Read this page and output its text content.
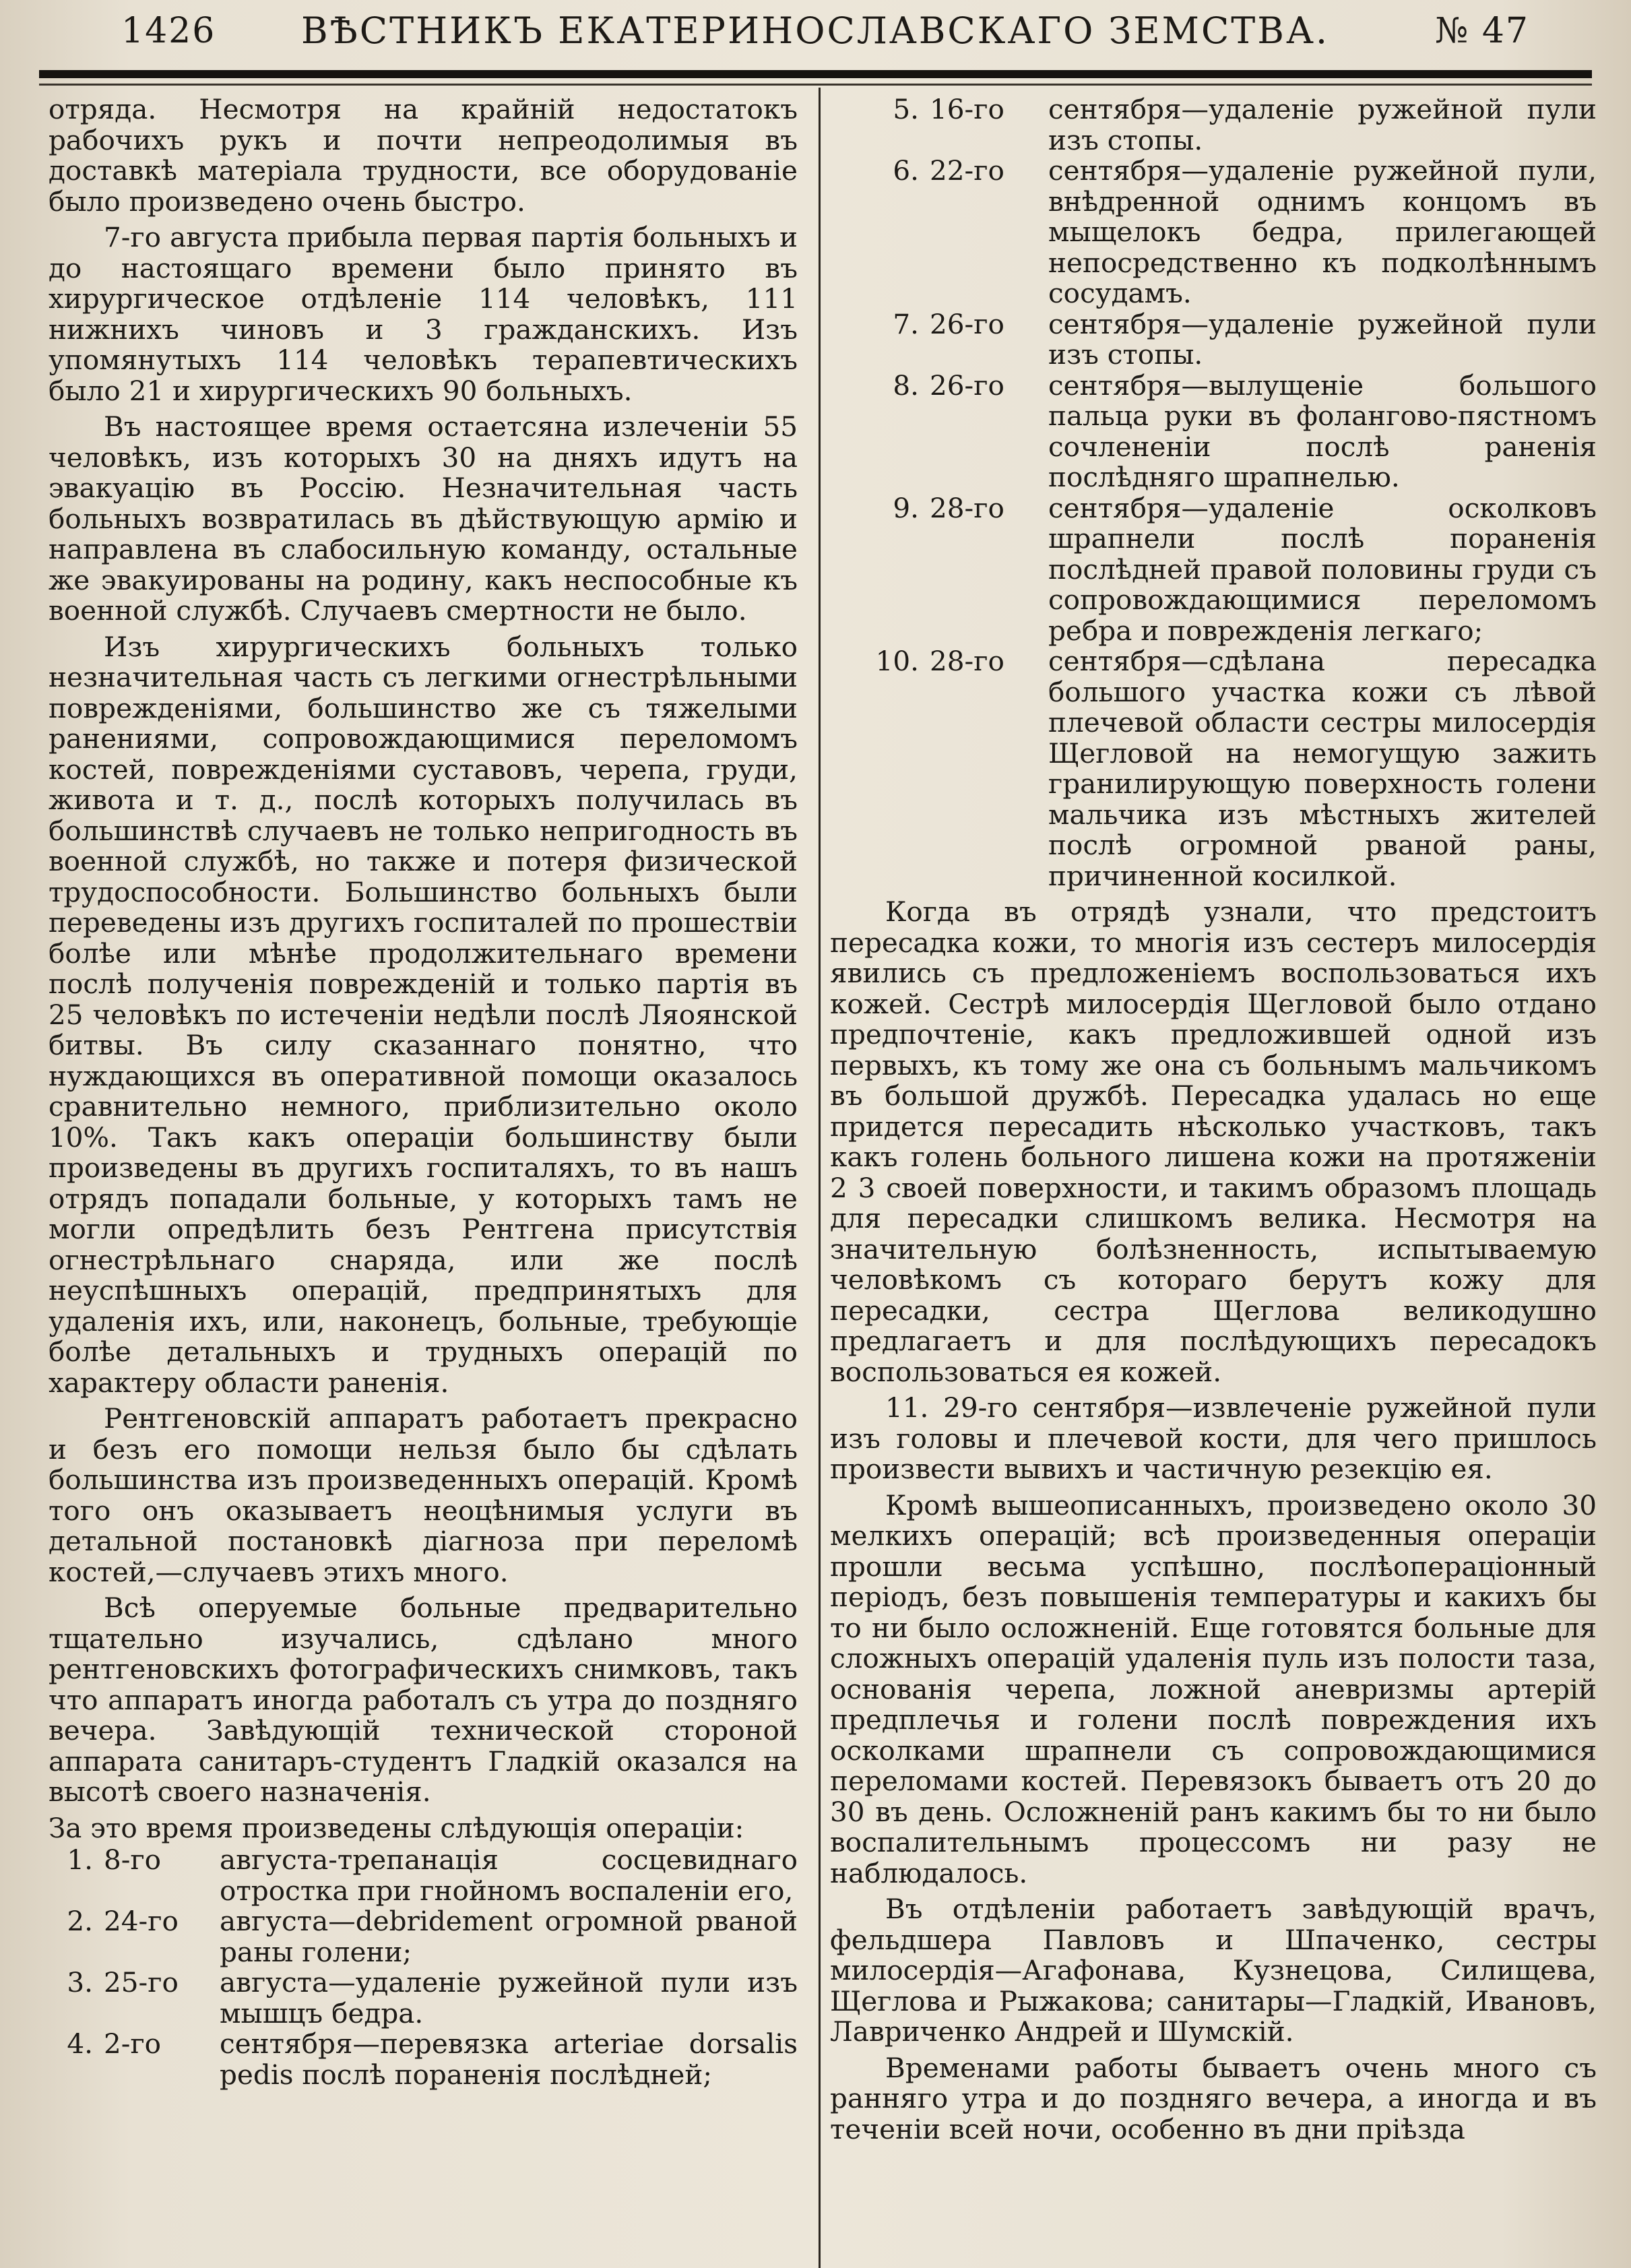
1426	ВѢСТНИКЪ ЕКАТЕРИНОСЛАВСКАГО ЗЕМСТВА.	№ 47

отряда. Несмотря на крайнiй недостатокъ рабочихъ рукъ и почти непреодолимыя въ доставкѣ матерiала трудности, все оборудованiе было произведено очень быстро.

7-го августа прибыла первая партiя больныхъ и до настоящаго времени было принято въ хирургическое отдѣленiе 114 человѣкъ, 111 нижнихъ чиновъ и 3 гражданскихъ. Изъ упомянутыхъ 114 человѣкъ терапевтическихъ было 21 и хирургическихъ 90 больныхъ.

Въ настоящее время остаетсяна излеченiи 55 человѣкъ, изъ которыхъ 30 на дняхъ идутъ на эвакуацiю въ Россiю. Незначительная часть больныхъ возвратилась въ дѣйствующую армiю и направлена въ слабосильную команду, остальные же эвакуированы на родину, какъ неспособные къ военной службѣ. Случаевъ смертности не было.

Изъ хирургическихъ больныхъ только незначительная часть съ легкими огнестрѣльными поврежденiями, большинство же съ тяжелыми ранениями, сопровождающимися переломомъ костей, поврежденiями суставовъ, черепа, груди, живота и т. д., послѣ которыхъ получилась въ большинствѣ случаевъ не только непригодность въ военной службѣ, но также и потеря физической трудоспособности. Большинство больныхъ были переведены изъ другихъ госпиталей по прошествiи болѣе или мѣнѣе продолжительнаго времени послѣ полученiя поврежденiй и только партiя въ 25 человѣкъ по истеченiи недѣли послѣ Ляоянской битвы. Въ силу сказаннаго понятно, что нуждающихся въ оперативной помощи оказалось сравнительно немного, приблизительно около 10%. Такъ какъ операцiи большинству были произведены въ другихъ госпиталяхъ, то въ нашъ отрядъ попадали больные, у которыхъ тамъ не могли опредѣлить безъ Рентгена присутствiя огнестрѣльнаго снаряда, или же послѣ неуспѣшныхъ операцiй, предпринятыхъ для удаленiя ихъ, или, наконецъ, больные, требующiе болѣе детальныхъ и трудныхъ операцiй по характеру области раненiя.

Рентгеновскiй аппаратъ работаетъ прекрасно и безъ его помощи нельзя было бы сдѣлать большинства изъ произведенныхъ операцiй. Кромѣ того онъ оказываетъ неоцѣнимыя услуги въ детальной постановкѣ дiагноза при переломѣ костей,—случаевъ этихъ много.

Всѣ оперуемые больные предварительно тщательно изучались, сдѣлано много рентгеновскихъ фотографическихъ снимковъ, такъ что аппаратъ иногда работалъ съ утра до поздняго вечера. Завѣдующiй технической стороной аппарата санитаръ-студентъ Гладкiй оказался на высотѣ своего назначенiя.

За это время произведены слѣдующiя операцiи:

1. 8-го	августа-трепанацiя сосцевиднаго отростка при гнойномъ воспаленiи его,
2. 24-го	августа—debridement огромной рваной раны голени;
3. 25-го	августа—удаленiе ружейной пули изъ мышцъ бедра.
4. 2-го	сентября—перевязка arteriae dorsalis pedis послѣ пораненiя послѣдней;
5. 16-го	сентября—удаленiе ружейной пули изъ стопы.
6. 22-го	сентября—удаленiе ружейной пули, внѣдренной однимъ концомъ въ мыщелокъ бедра, прилегающей непосредственно къ подколѣннымъ сосудамъ.
7. 26-го	сентября—удаленiе ружейной пули изъ стопы.
8. 26-го	сентября—вылущенiе большого пальца руки въ фолангово-пястномъ сочлененiи послѣ раненiя послѣдняго шрапнелью.
9. 28-го	сентября—удаленiе осколковъ шрапнели послѣ пораненiя послѣдней правой половины груди съ сопровождающимися переломомъ ребра и поврежденiя легкаго;
10. 28-го	сентября—сдѣлана пересадка большого участка кожи съ лѣвой плечевой области сестры милосердiя Щегловой на немогущую зажить гранилирующую поверхность голени мальчика изъ мѣстныхъ жителей послѣ огромной рваной раны, причиненной косилкой.

Когда въ отрядѣ узнали, что предстоитъ пересадка кожи, то многiя изъ сестеръ милосердiя явились съ предложенiемъ воспользоваться ихъ кожей. Сестрѣ милосердiя Щегловой было отдано предпочтенiе, какъ предложившей одной изъ первыхъ, къ тому же она съ больнымъ мальчикомъ въ большой дружбѣ. Пересадка удалась но еще придется пересадить нѣсколько участковъ, такъ какъ голень больного лишена кожи на протяженiи 2 3 своей поверхности, и такимъ образомъ площадь для пересадки слишкомъ велика. Несмотря на значительную болѣзненность, испытываемую человѣкомъ съ котораго берутъ кожу для пересадки, сестра Щеглова великодушно предлагаетъ и для послѣдующихъ пересадокъ воспользоваться ея кожей.

11. 29-го сентября—извлеченiе ружейной пули изъ головы и плечевой кости, для чего пришлось произвести вывихъ и частичную резекцiю ея.

Кромѣ вышеописанныхъ, произведено около 30 мелкихъ операцiй; всѣ произведенныя операцiи прошли весьма успѣшно, послѣоперацiонный перiодъ, безъ повышенiя температуры и какихъ бы то ни было осложненiй. Еще готовятся больные для сложныхъ операцiй удаленiя пуль изъ полости таза, основанiя черепа, ложной аневризмы артерiй предплечья и голени послѣ повреждения ихъ осколками шрапнели съ сопровождающимися переломами костей. Перевязокъ бываетъ отъ 20 до 30 въ день. Осложненiй ранъ какимъ бы то ни было воспалительнымъ процессомъ ни разу не наблюдалось.

Въ отдѣленiи работаетъ завѣдующiй врачъ, фельдшера Павловъ и Шпаченко, сестры милосердiя—Агафонава, Кузнецова, Силищева, Щеглова и Рыжакова; санитары—Гладкiй, Ивановъ, Лавриченко Андрей и Шумскiй.

Временами работы бываетъ очень много съ ранняго утра и до поздняго вечера, а иногда и въ теченiи всей ночи, особенно въ дни прiѣзда
